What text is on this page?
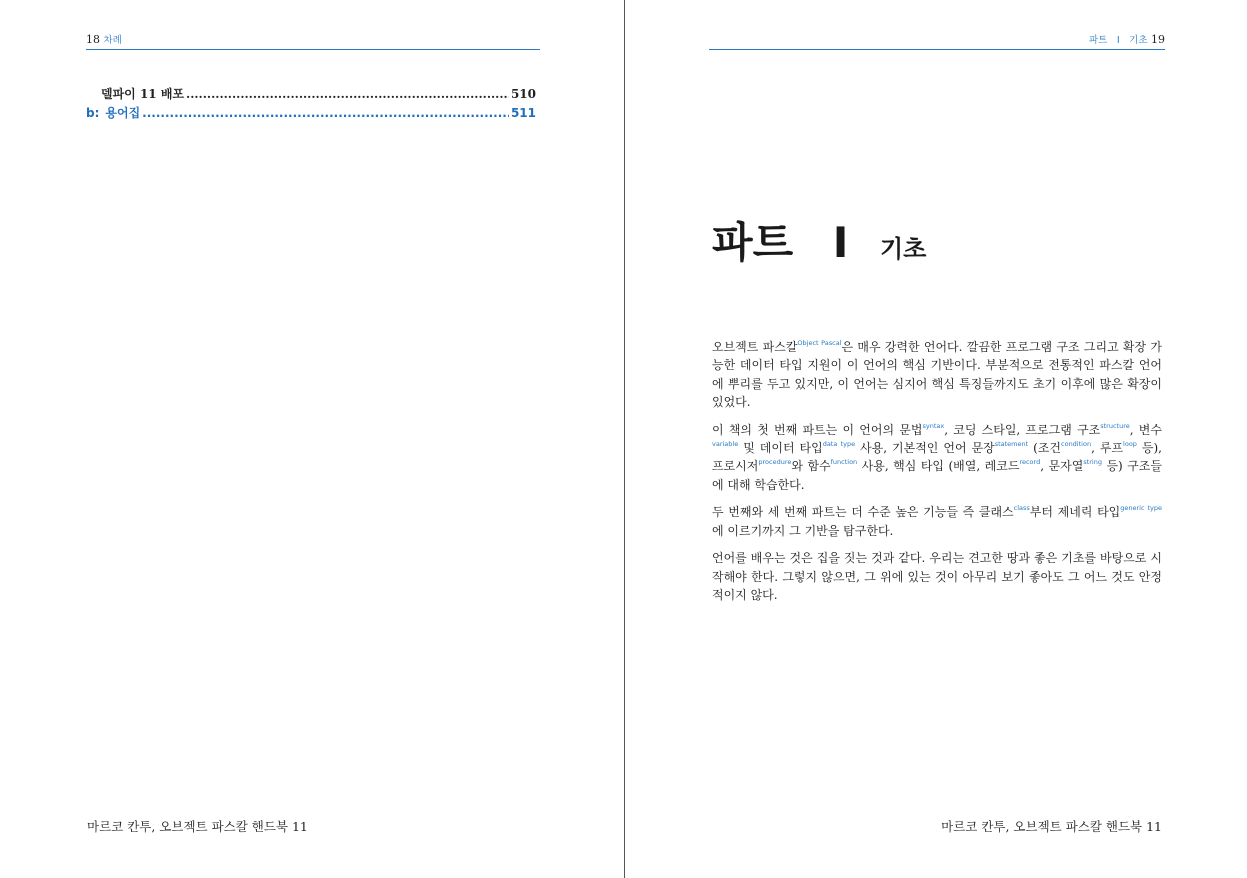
18 차례
델파이 11 배포 .....	510
b: 용어집 .....	511
마르코 칸투, 오브젝트 파스칼 핸드북 11
파트 I 기초 19
파트 I 기초

오브젝트 파스칼$^{Object Pascal}$은 매우 강력한 언어다. 깔끔한 프로그램 구조 그리고 확장 가능한 데이터 타입 지원이 이 언어의 핵심 기반이다. 부분적으로 전통적인 파스칼 언어에 뿌리를 두고 있지만, 이 언어는 심지어 핵심 특징들까지도 초기 이후에 많은 확장이 있었다.

이 책의 첫 번째 파트는 이 언어의 문법$^{syntax}$, 코딩 스타일, 프로그램 구조$^{structure}$, 변수$^{variable}$ 및 데이터 타입$^{data type}$ 사용, 기본적인 언어 문장$^{statement}$ (조건$^{condition}$, 루프$^{loop}$ 등), 프로시저$^{procedure}$와 함수$^{function}$ 사용, 핵심 타입 (배열, 레코드$^{record}$, 문자열$^{string}$ 등) 구조들에 대해 학습한다.

두 번째와 세 번째 파트는 더 수준 높은 기능들 즉 클래스$^{class}$부터 제네릭 타입$^{generic type}$에 이르기까지 그 기반을 탐구한다.

언어를 배우는 것은 집을 짓는 것과 같다. 우리는 견고한 땅과 좋은 기초를 바탕으로 시작해야 한다. 그렇지 않으면, 그 위에 있는 것이 아무리 보기 좋아도 그 어느 것도 안정적이지 않다.

마르코 칸투, 오브젝트 파스칼 핸드북 11
